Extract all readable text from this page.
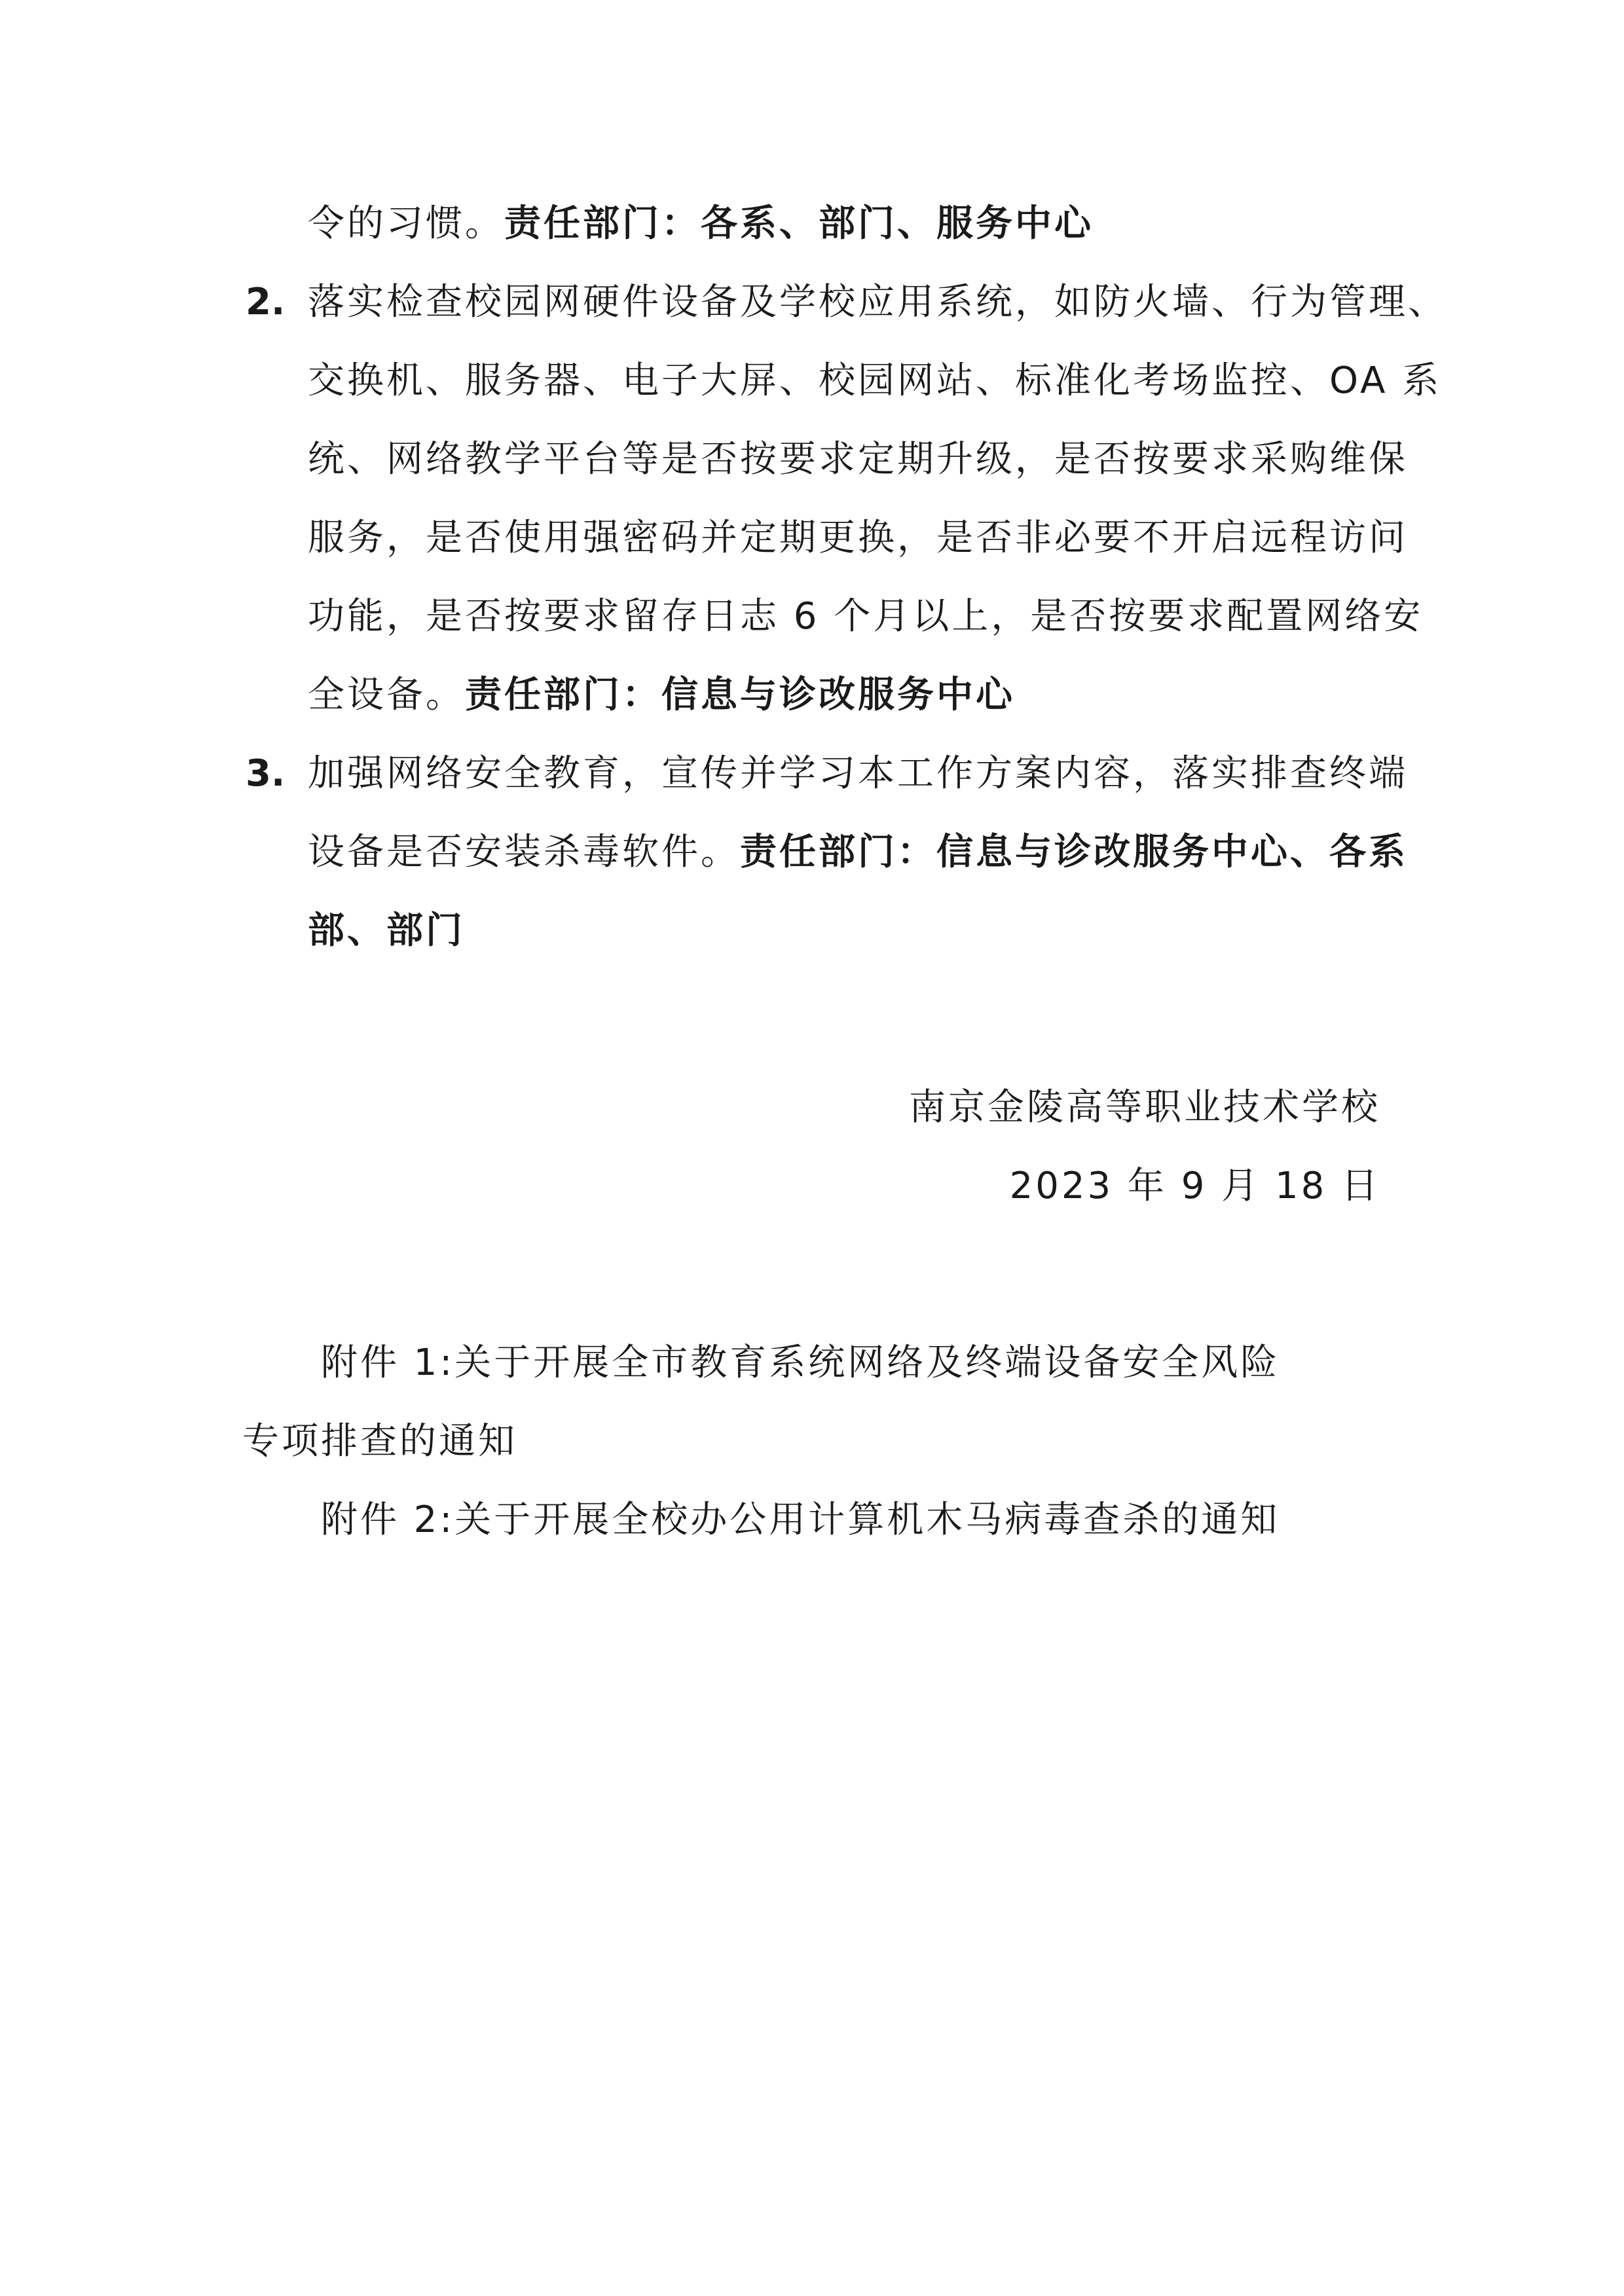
令的习惯。责任部门：各系、部门、服务中心
2. 落实检查校园网硬件设备及学校应用系统，如防火墙、行为管理、
交换机、服务器、电子大屏、校园网站、标准化考场监控、OA 系
统、网络教学平台等是否按要求定期升级，是否按要求采购维保
服务，是否使用强密码并定期更换，是否非必要不开启远程访问
功能，是否按要求留存日志 6 个月以上，是否按要求配置网络安
全设备。责任部门：信息与诊改服务中心
3. 加强网络安全教育，宣传并学习本工作方案内容，落实排查终端
设备是否安装杀毒软件。责任部门：信息与诊改服务中心、各系
部、部门
南京金陵高等职业技术学校
2023 年 9 月 18 日
附件 1:关于开展全市教育系统网络及终端设备安全风险
专项排查的通知
附件 2:关于开展全校办公用计算机木马病毒查杀的通知
